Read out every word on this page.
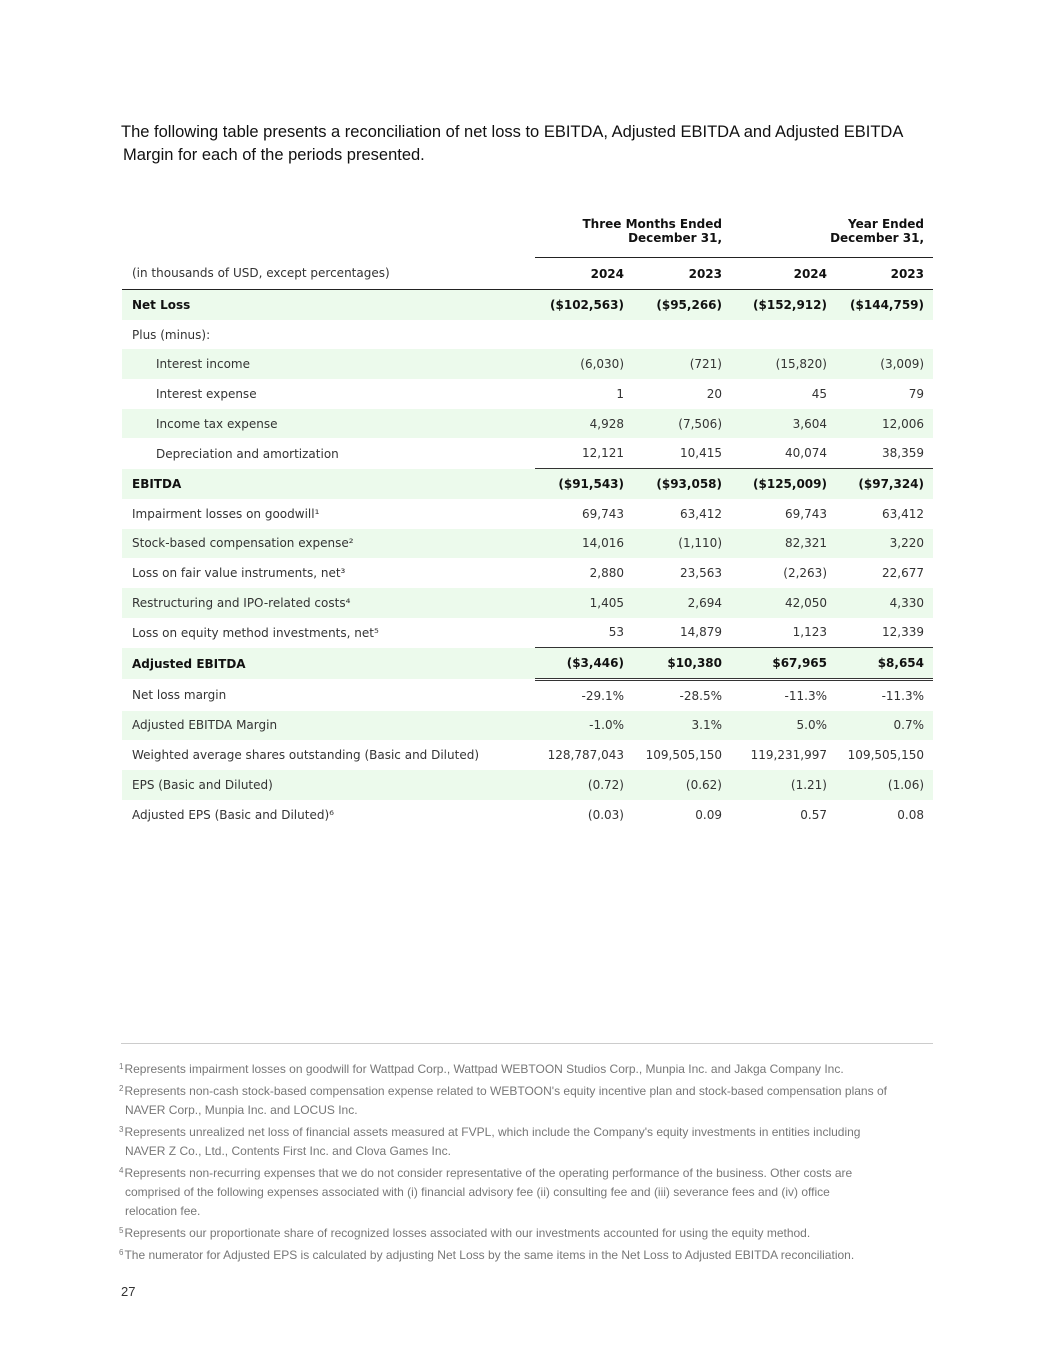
The following table presents a reconciliation of net loss to EBITDA, Adjusted EBITDA and Adjusted EBITDA

Margin for each of the periods presented.

	Three Months Ended		Year Ended	
	December 31,		December 31,	
(in thousands of USD, except percentages)	2024	2023	2024	2023
Net Loss	($102,563)	($95,266)	($152,912)	($144,759)
Plus (minus):				
Interest income	(6,030)	(721)	(15,820)	(3,009)
Interest expense	1	20	45	79
Income tax expense	4,928	(7,506)	3,604	12,006
Depreciation and amortization	12,121	10,415	40,074	38,359
EBITDA	($91,543)	($93,058)	($125,009)	($97,324)
Impairment losses on goodwill¹	69,743	63,412	69,743	63,412
Stock-based compensation expense²	14,016	(1,110)	82,321	3,220
Loss on fair value instruments, net³	2,880	23,563	(2,263)	22,677
Restructuring and IPO-related costs⁴	1,405	2,694	42,050	4,330
Loss on equity method investments, net⁵	53	14,879	1,123	12,339
Adjusted EBITDA	($3,446)	$10,380	$67,965	$8,654
Net loss margin	-29.1%	-28.5%	-11.3%	-11.3%
Adjusted EBITDA Margin	-1.0%	3.1%	5.0%	0.7%
Weighted average shares outstanding (Basic and Diluted)	128,787,043	109,505,150	119,231,997	109,505,150
EPS (Basic and Diluted)	(0.72)	(0.62)	(1.21)	(1.06)
Adjusted EPS (Basic and Diluted)⁶	(0.03)	0.09	0.57	0.08

$^1$Represents impairment losses on goodwill for Wattpad Corp., Wattpad WEBTOON Studios Corp., Munpia Inc. and Jakga Company Inc.

$^2$Represents non-cash stock-based compensation expense related to WEBTOON's equity incentive plan and stock-based compensation plans of
NAVER Corp., Munpia Inc. and LOCUS Inc.

$^3$Represents unrealized net loss of financial assets measured at FVPL, which include the Company's equity investments in entities including
NAVER Z Co., Ltd., Contents First Inc. and Clova Games Inc.

$^4$Represents non-recurring expenses that we do not consider representative of the operating performance of the business. Other costs are
comprised of the following expenses associated with (i) financial advisory fee (ii) consulting fee and (iii) severance fees and (iv) office
relocation fee.

$^5$Represents our proportionate share of recognized losses associated with our investments accounted for using the equity method.

$^6$The numerator for Adjusted EPS is calculated by adjusting Net Loss by the same items in the Net Loss to Adjusted EBITDA reconciliation.

27
